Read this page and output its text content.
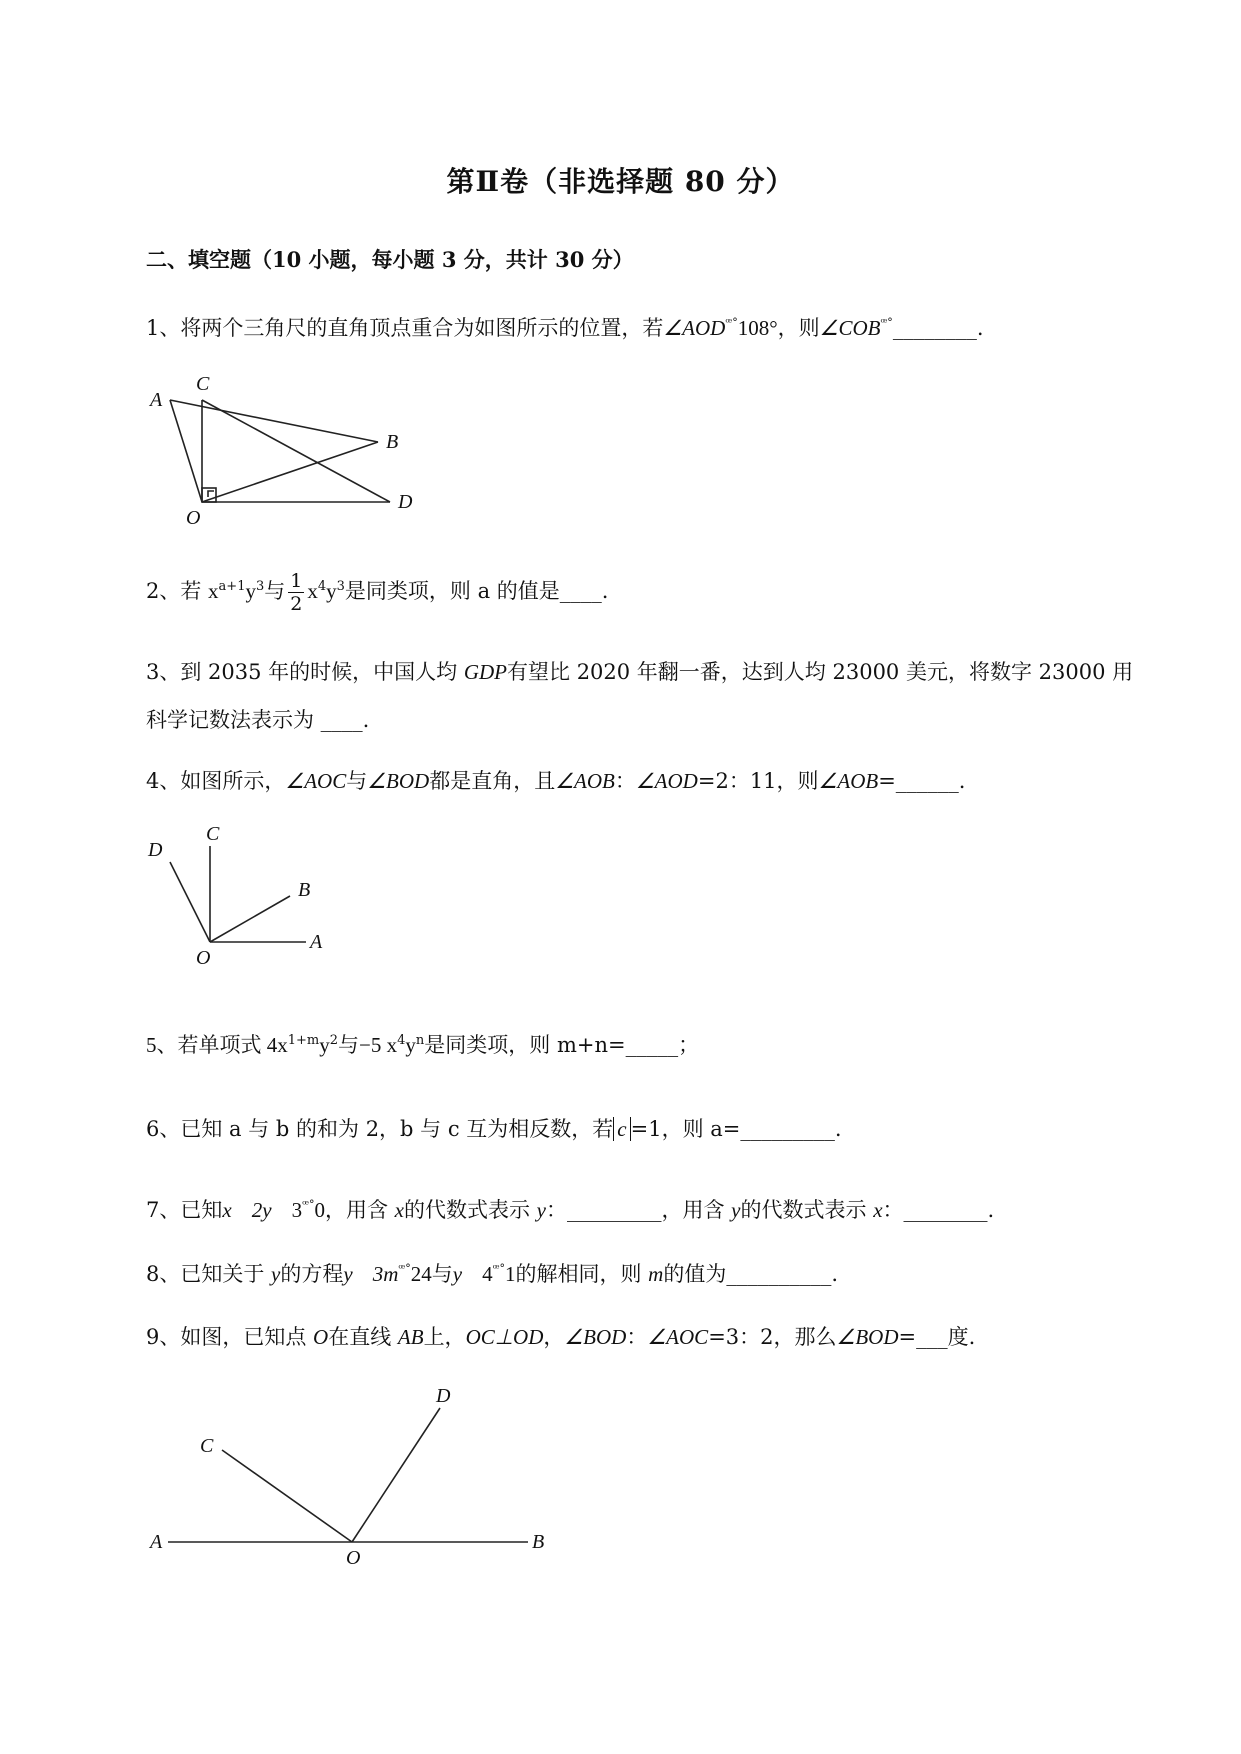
第Ⅱ卷（非选择题 80 分）
二、填空题（10 小题，每小题 3 分，共计 30 分）
1、将两个三角尺的直角顶点重合为如图所示的位置，若$\angle AOD^{ꟹ^\circ}108^\circ$，则$\angle COB^{ꟹ^\circ}\_\_\_\_\_\_\_\_$.
A
C
B
O
D
2、若 $x^{a+1}y^3$与 $\frac{1}{2} x^4y^3$是同类项，则 a 的值是____.
3、到 2035 年的时候，中国人均 GDP有望比 2020 年翻一番，达到人均 23000 美元，将数字 23000 用科学记数法表示为 ____.
4、如图所示，∠AOC与∠BOD都是直角，且∠AOB：∠AOD=2：11，则∠AOB=______.
D
C
B
O
A
5、若单项式 $4x^{1+m}y^2$与−5 $x^4y^n$是同类项，则 m+n=_____；
6、已知 a 与 b 的和为 2，b 与 c 互为相反数，若 c =1，则 a=_________.
7、已知x 2y $3^{ꟹ^\circ}0$，用含 x的代数式表示 y：_________，用含 y的代数式表示 x：________.
8、已知关于 y的方程y $3m^{ꟹ^\circ}24$与y $4^{ꟹ^\circ}1$的解相同，则 m的值为__________.
9、如图，已知点 O在直线 AB上，OC⊥OD，∠BOD：∠AOC=3：2，那么∠BOD=___度.
D
C
A
O
B
